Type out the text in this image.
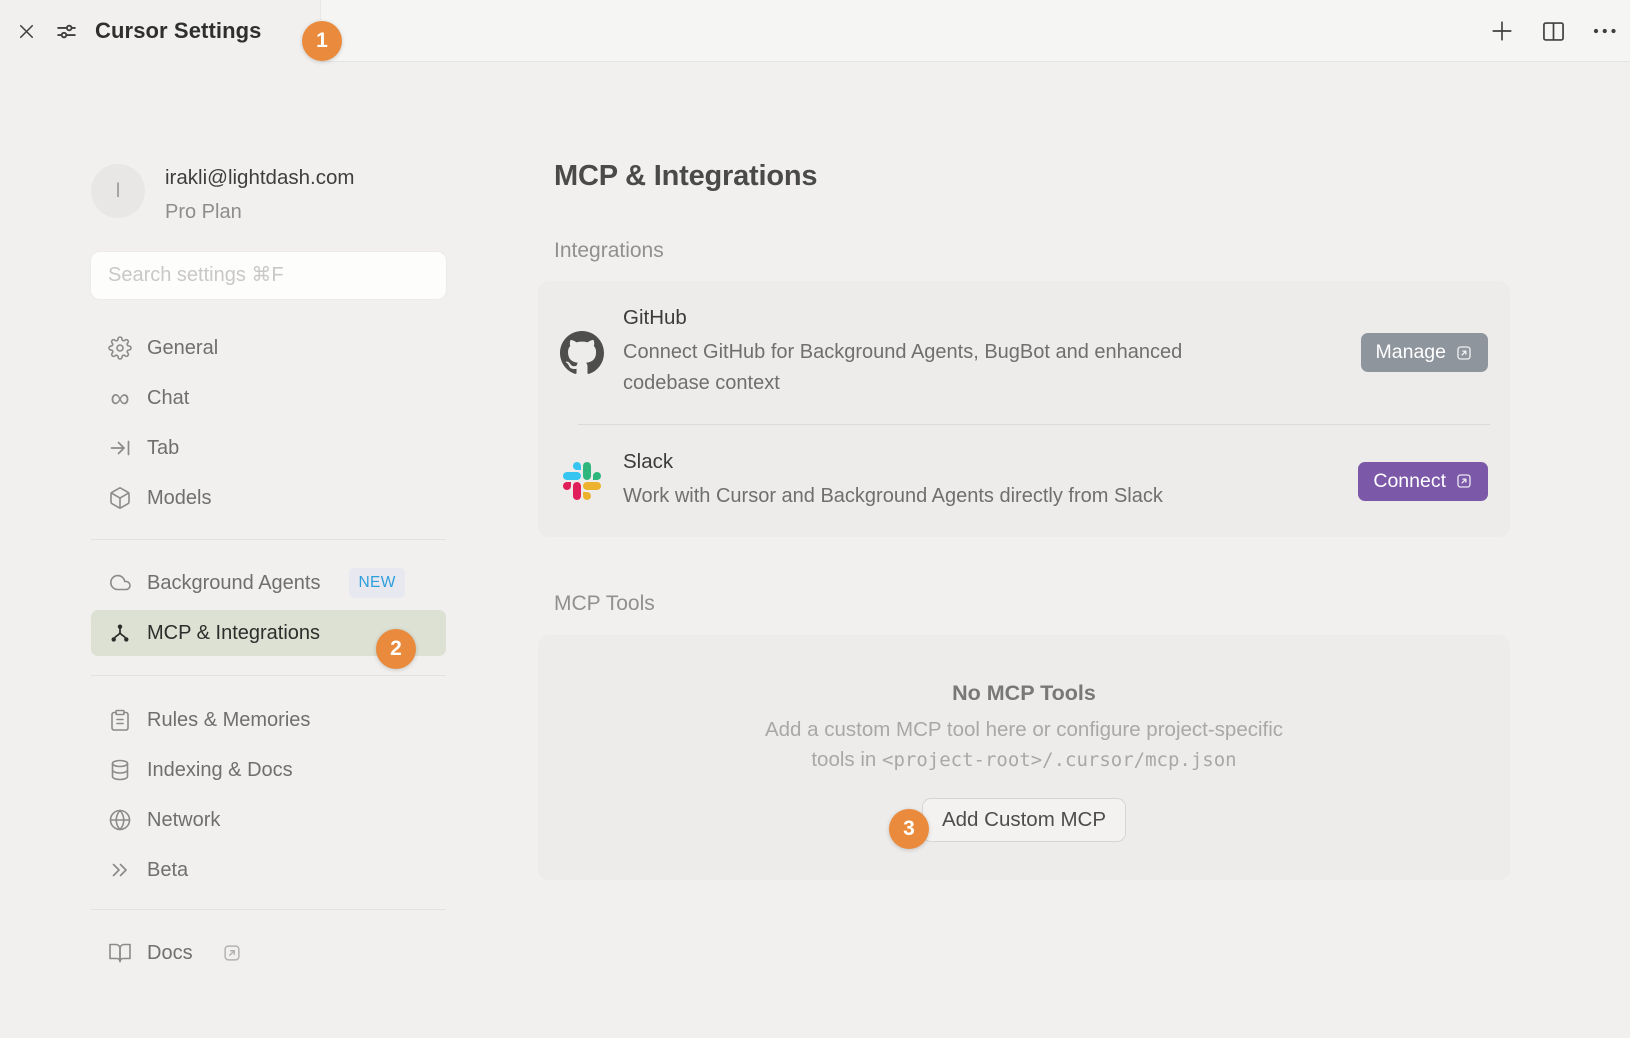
Cursor Settings	1
2
3
I
irakli@lightdash.com
Pro Plan
Search settings ⌘F
General
∞ Chat
Tab
Models
Background Agents	NEW
MCP & Integrations
Rules & Memories
Indexing & Docs
Network
Beta
Docs
MCP & Integrations
Integrations
GitHub
Connect GitHub for Background Agents, BugBot and enhanced
codebase context
Manage
Slack
Work with Cursor and Background Agents directly from Slack
Connect
MCP Tools
No MCP Tools
Add a custom MCP tool here or configure project-specific
tools in <project-root>/.cursor/mcp.json
Add Custom MCP
